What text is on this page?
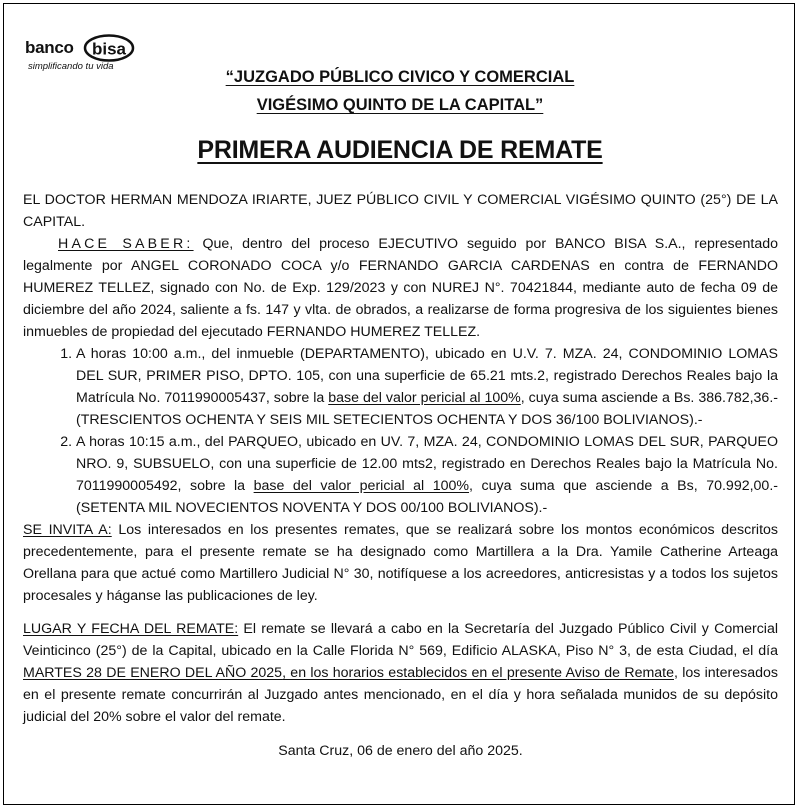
banco bisa
simplificando tu vida
“JUZGADO PÚBLICO CIVICO Y COMERCIAL
VIGÉSIMO QUINTO DE LA CAPITAL”
PRIMERA AUDIENCIA DE REMATE

EL DOCTOR HERMAN MENDOZA IRIARTE, JUEZ PÚBLICO CIVIL Y COMERCIAL VIGÉSIMO QUINTO (25°) DE LA CAPITAL.

HACE SABER: Que, dentro del proceso EJECUTIVO seguido por BANCO BISA S.A., representado legalmente por ANGEL CORONADO COCA y/o FERNANDO GARCIA CARDENAS en contra de FERNANDO HUMEREZ TELLEZ, signado con No. de Exp. 129/2023 y con NUREJ N°. 70421844, mediante auto de fecha 09 de diciembre del año 2024, saliente a fs. 147 y vlta. de obrados, a realizarse de forma progresiva de los siguientes bienes inmuebles de propiedad del ejecutado FERNANDO HUMEREZ TELLEZ.

1. A horas 10:00 a.m., del inmueble (DEPARTAMENTO), ubicado en U.V. 7. MZA. 24, CONDOMINIO LOMAS DEL SUR, PRIMER PISO, DPTO. 105, con una superficie de 65.21 mts.2, registrado Derechos Reales bajo la Matrícula No. 7011990005437, sobre la base del valor pericial al 100%, cuya suma asciende a Bs. 386.782,36.- (TRESCIENTOS OCHENTA Y SEIS MIL SETECIENTOS OCHENTA Y DOS 36/100 BOLIVIANOS).-
2. A horas 10:15 a.m., del PARQUEO, ubicado en UV. 7, MZA. 24, CONDOMINIO LOMAS DEL SUR, PARQUEO NRO. 9, SUBSUELO, con una superficie de 12.00 mts2, registrado en Derechos Reales bajo la Matrícula No. 7011990005492, sobre la base del valor pericial al 100%, cuya suma que asciende a Bs, 70.992,00.- (SETENTA MIL NOVECIENTOS NOVENTA Y DOS 00/100 BOLIVIANOS).-

SE INVITA A: Los interesados en los presentes remates, que se realizará sobre los montos económicos descritos precedentemente, para el presente remate se ha designado como Martillera a la Dra. Yamile Catherine Arteaga Orellana para que actué como Martillero Judicial N° 30, notifíquese a los acreedores, anticresistas y a todos los sujetos procesales y háganse las publicaciones de ley.

LUGAR Y FECHA DEL REMATE: El remate se llevará a cabo en la Secretaría del Juzgado Público Civil y Comercial Veinticinco (25°) de la Capital, ubicado en la Calle Florida N° 569, Edificio ALASKA, Piso N° 3, de esta Ciudad, el día MARTES 28 DE ENERO DEL AÑO 2025, en los horarios establecidos en el presente Aviso de Remate, los interesados en el presente remate concurrirán al Juzgado antes mencionado, en el día y hora señalada munidos de su depósito judicial del 20% sobre el valor del remate.

Santa Cruz, 06 de enero del año 2025.
